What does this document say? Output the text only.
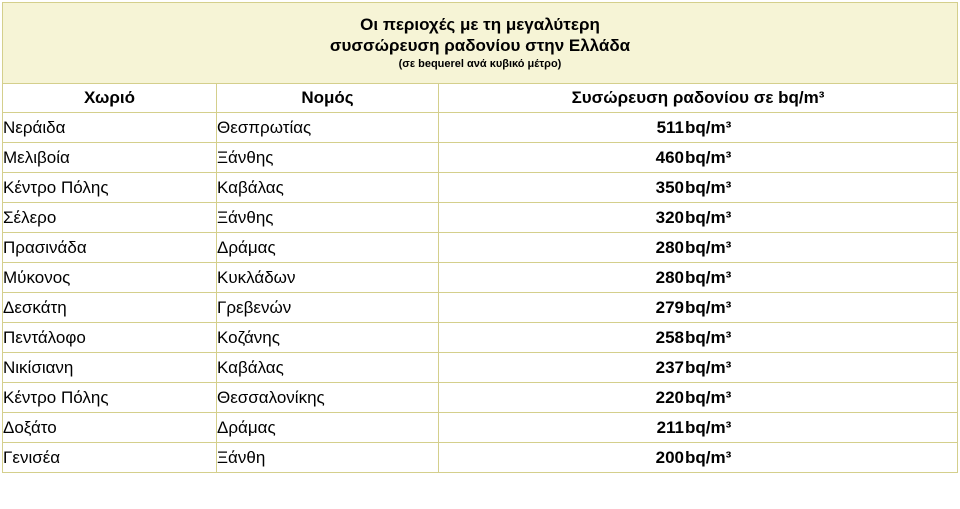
Οι περιοχές με τη μεγαλύτερη
συσσώρευση ραδονίου στην Ελλάδα
(σε bequerel ανά κυβικό μέτρο)		

Χωριό	Νομός	Συσώρευση ραδονίου σε bq/m³
Νεράιδα	Θεσπρωτίας	511 bq/m³

Μελιβοία	Ξάνθης	460 bq/m³

Κέντρο Πόλης	Καβάλας	350 bq/m³

Σέλερο	Ξάνθης	320 bq/m³

Πρασινάδα	Δράμας	280 bq/m³

Μύκονος	Κυκλάδων	280 bq/m³

Δεσκάτη	Γρεβενών	279 bq/m³

Πεντάλοφο	Κοζάνης	258 bq/m³

Νικίσιανη	Καβάλας	237 bq/m³

Κέντρο Πόλης	Θεσσαλονίκης	220 bq/m³

Δοξάτο	Δράμας	211 bq/m³

Γενισέα	Ξάνθη	200 bq/m³
